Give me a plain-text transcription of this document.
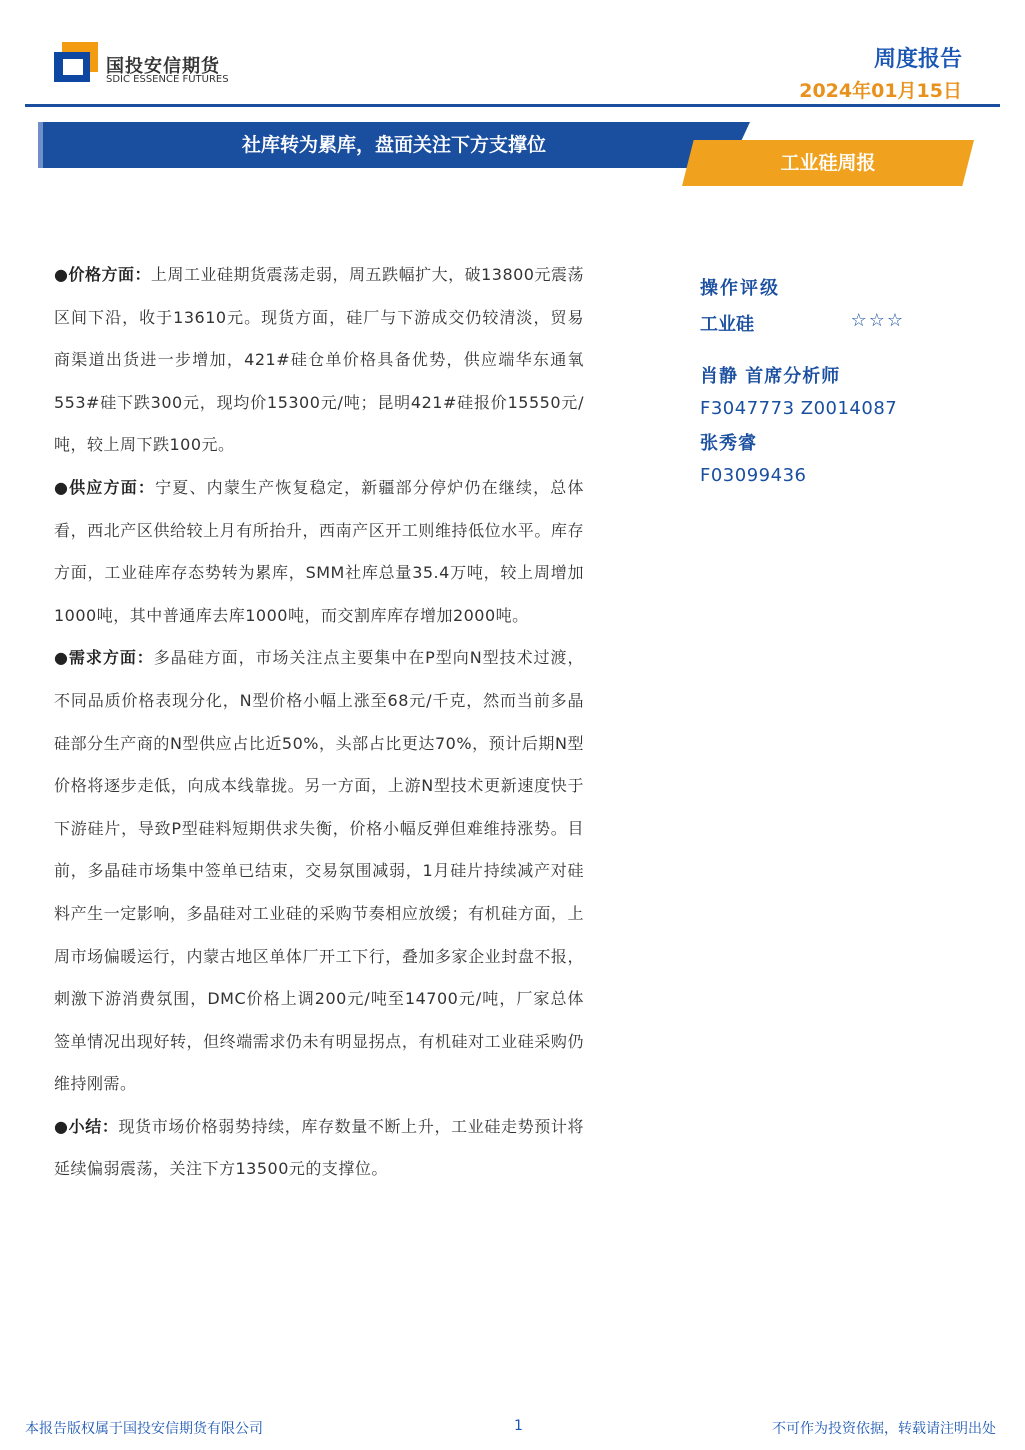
国投安信期货
SDIC ESSENCE FUTURES
周度报告
2024年01月15日
社库转为累库，盘面关注下方支撑位
工业硅周报

●价格方面：上周工业硅期货震荡走弱，周五跌幅扩大，破13800元震荡区间下沿，收于13610元。现货方面，硅厂与下游成交仍较清淡，贸易商渠道出货进一步增加，421#硅仓单价格具备优势，供应端华东通氧553#硅下跌300元，现均价15300元/吨；昆明421#硅报价15550元/吨，较上周下跌100元。

●供应方面：宁夏、内蒙生产恢复稳定，新疆部分停炉仍在继续，总体看，西北产区供给较上月有所抬升，西南产区开工则维持低位水平。库存方面，工业硅库存态势转为累库，SMM社库总量35.4万吨，较上周增加1000吨，其中普通库去库1000吨，而交割库库存增加2000吨。

●需求方面：多晶硅方面，市场关注点主要集中在P型向N型技术过渡，不同品质价格表现分化，N型价格小幅上涨至68元/千克，然而当前多晶硅部分生产商的N型供应占比近50%，头部占比更达70%，预计后期N型价格将逐步走低，向成本线靠拢。另一方面，上游N型技术更新速度快于下游硅片，导致P型硅料短期供求失衡，价格小幅反弹但难维持涨势。目前，多晶硅市场集中签单已结束，交易氛围减弱，1月硅片持续减产对硅料产生一定影响，多晶硅对工业硅的采购节奏相应放缓；有机硅方面，上周市场偏暖运行，内蒙古地区单体厂开工下行，叠加多家企业封盘不报，刺激下游消费氛围，DMC价格上调200元/吨至14700元/吨，厂家总体签单情况出现好转，但终端需求仍未有明显拐点，有机硅对工业硅采购仍维持刚需。

●小结：现货市场价格弱势持续，库存数量不断上升，工业硅走势预计将延续偏弱震荡，关注下方13500元的支撑位。

操作评级
工业硅	☆☆☆
肖静 首席分析师
F3047773 Z0014087
张秀睿
F03099436
本报告版权属于国投安信期货有限公司	1	不可作为投资依据，转载请注明出处
